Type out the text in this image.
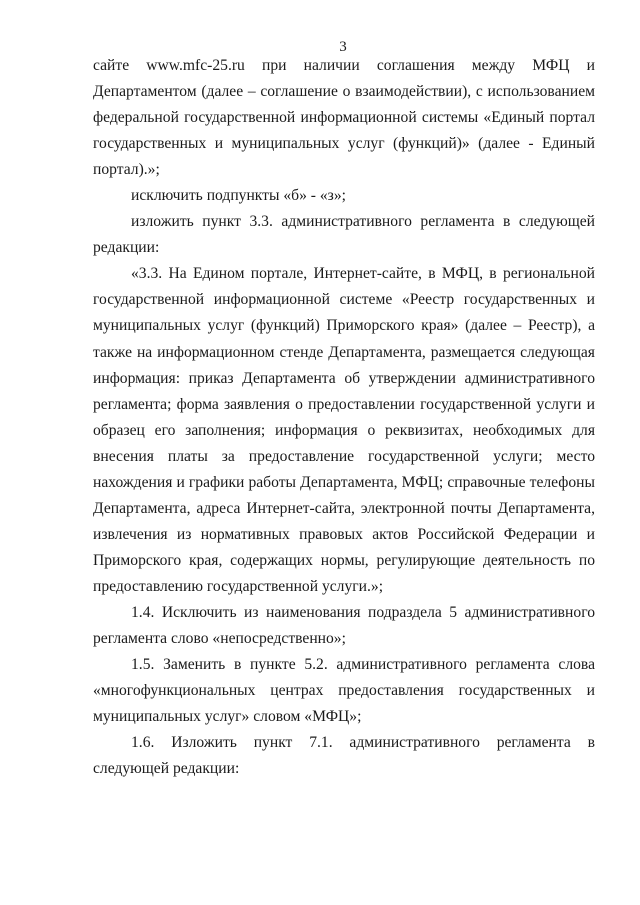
3

сайте www.mfc-25.ru при наличии соглашения между МФЦ и Департаментом (далее – соглашение о взаимодействии), с использованием федеральной государственной информационной системы «Единый портал государственных и муниципальных услуг (функций)» (далее - Единый портал).»;

исключить подпункты «б» - «з»;

изложить пункт 3.3. административного регламента в следующей редакции:

«3.3. На Едином портале, Интернет-сайте, в МФЦ, в региональной государственной информационной системе «Реестр государственных и муниципальных услуг (функций) Приморского края» (далее – Реестр), а также на информационном стенде Департамента, размещается следующая информация: приказ Департамента об утверждении административного регламента; форма заявления о предоставлении государственной услуги и образец его заполнения; информация о реквизитах, необходимых для внесения платы за предоставление государственной услуги; место нахождения и графики работы Департамента, МФЦ; справочные телефоны Департамента, адреса Интернет-сайта, электронной почты Департамента, извлечения из нормативных правовых актов Российской Федерации и Приморского края, содержащих нормы, регулирующие деятельность по предоставлению государственной услуги.»;

1.4. Исключить из наименования подраздела 5 административного регламента слово «непосредственно»;

1.5. Заменить в пункте 5.2. административного регламента слова «многофункциональных центрах предоставления государственных и муниципальных услуг» словом «МФЦ»;

1.6. Изложить пункт 7.1. административного регламента в следующей редакции:
